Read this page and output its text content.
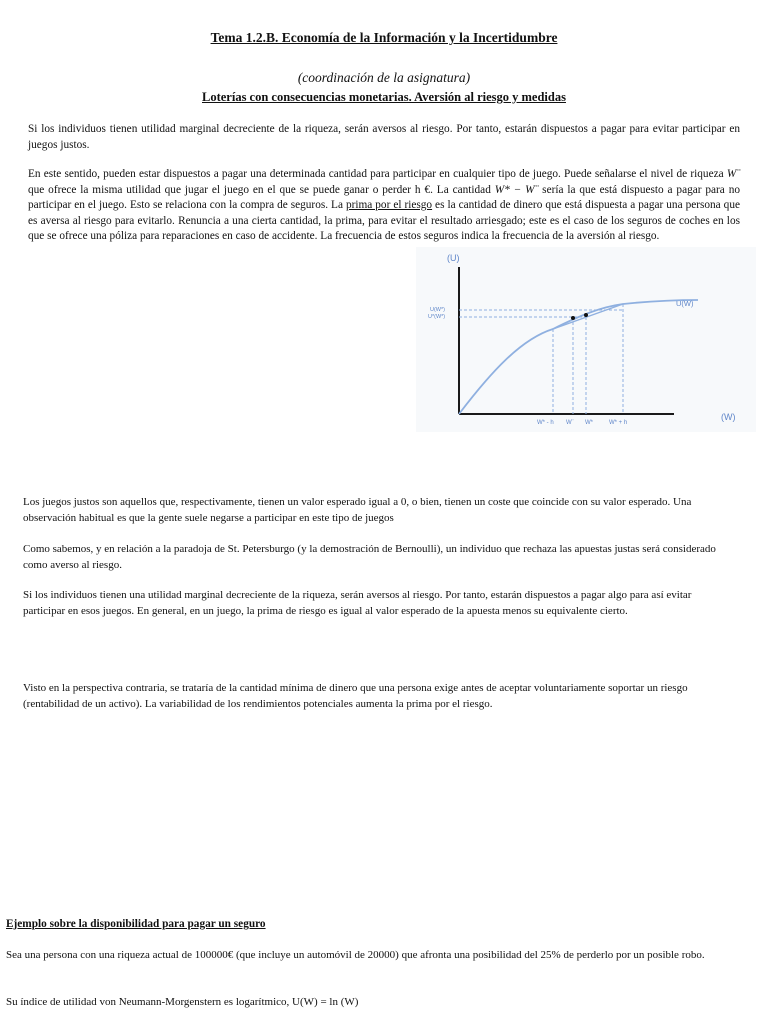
Tema 1.2.B. Economía de la Información y la Incertidumbre
(coordinación de la asignatura)
Loterías con consecuencias monetarias. Aversión al riesgo y medidas
Si los individuos tienen utilidad marginal decreciente de la riqueza, serán aversos al riesgo. Por tanto, estarán dispuestos a pagar para evitar participar en juegos justos.
En este sentido, pueden estar dispuestos a pagar una determinada cantidad para participar en cualquier tipo de juego. Puede señalarse el nivel de riqueza W¨ que ofrece la misma utilidad que jugar el juego en el que se puede ganar o perder h €. La cantidad W* − W¨ sería la que está dispuesto a pagar para no participar en el juego. Esto se relaciona con la compra de seguros. La prima por el riesgo es la cantidad de dinero que está dispuesta a pagar una persona que es aversa al riesgo para evitarlo. Renuncia a una cierta cantidad, la prima, para evitar el resultado arriesgado; este es el caso de los seguros de coches en los que se ofrece una póliza para reparaciones en caso de accidente. La frecuencia de estos seguros indica la frecuencia de la aversión al riesgo.
(U)
(W)
U(W)
U(W*)
U*(W*)
W* - h W¨ W*	W* + h
Los juegos justos son aquellos que, respectivamente, tienen un valor esperado igual a 0, o bien, tienen un coste que coincide con su valor esperado. Una observación habitual es que la gente suele negarse a participar en este tipo de juegos
Como sabemos, y en relación a la paradoja de St. Petersburgo (y la demostración de Bernoulli), un individuo que rechaza las apuestas justas será considerado como averso al riesgo.
Si los individuos tienen una utilidad marginal decreciente de la riqueza, serán aversos al riesgo. Por tanto, estarán dispuestos a pagar algo para así evitar participar en esos juegos. En general, en un juego, la prima de riesgo es igual al valor esperado de la apuesta menos su equivalente cierto.
Visto en la perspectiva contraria, se trataría de la cantidad mínima de dinero que una persona exige antes de aceptar voluntariamente soportar un riesgo (rentabilidad de un activo). La variabilidad de los rendimientos potenciales aumenta la prima por el riesgo.
Ejemplo sobre la disponibilidad para pagar un seguro
Sea una persona con una riqueza actual de 100000€ (que incluye un automóvil de 20000) que afronta una posibilidad del 25% de perderlo por un posible robo.
Su índice de utilidad von Neumann-Morgenstern es logarítmico, U(W) = ln (W)
